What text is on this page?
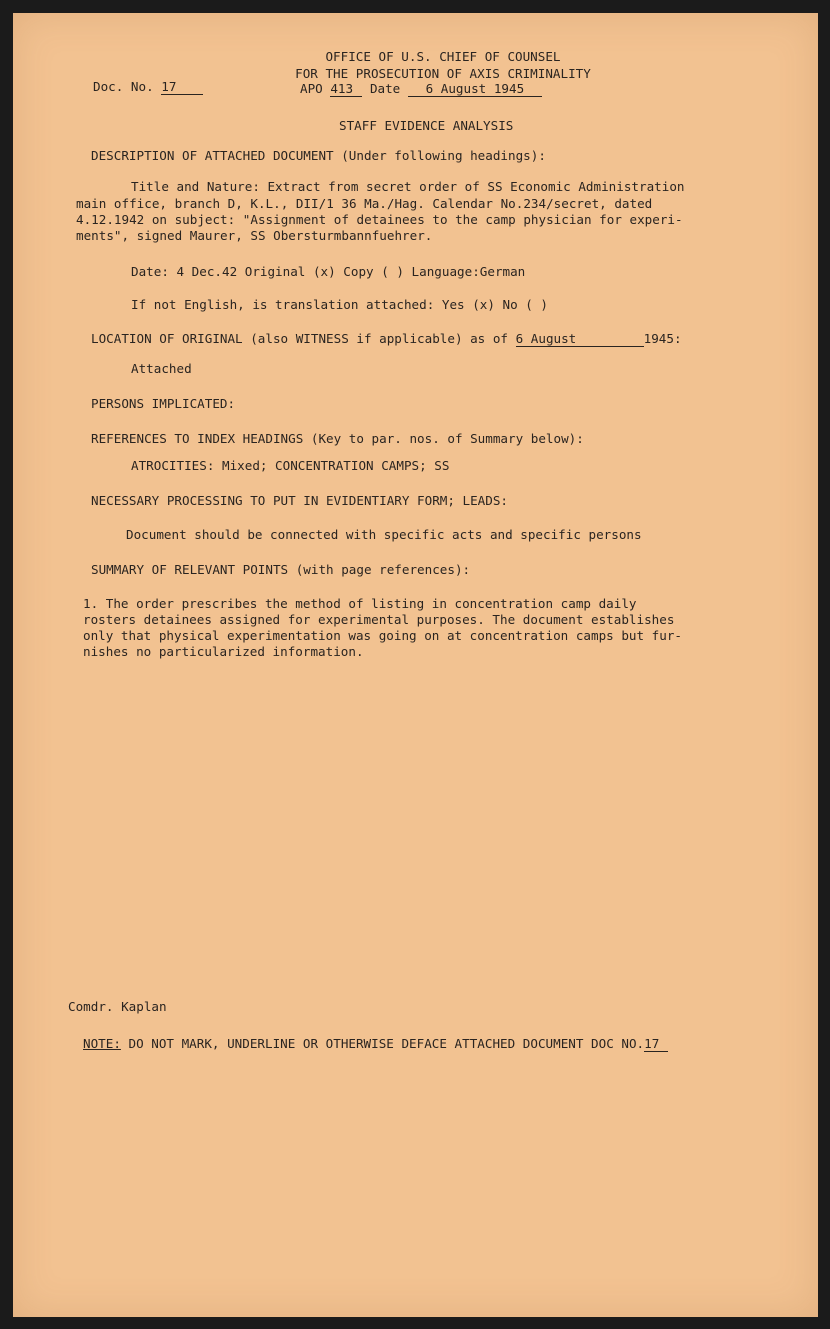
OFFICE OF U.S. CHIEF OF COUNSEL
FOR THE PROSECUTION OF AXIS CRIMINALITY
Doc. No. 17	APO 413 Date 6 August 1945
STAFF EVIDENCE ANALYSIS
DESCRIPTION OF ATTACHED DOCUMENT (Under following headings):
Title and Nature: Extract from secret order of SS Economic Administration
main office, branch D, K.L., DII/1 36 Ma./Hag. Calendar No.234/secret, dated
4.12.1942 on subject: "Assignment of detainees to the camp physician for experi-
ments", signed Maurer, SS Obersturmbannfuehrer.
Date: 4 Dec.42 Original (x) Copy ( ) Language:German
If not English, is translation attached: Yes (x) No ( )
LOCATION OF ORIGINAL (also WITNESS if applicable) as of 6 August	1945:
Attached
PERSONS IMPLICATED:
REFERENCES TO INDEX HEADINGS (Key to par. nos. of Summary below):
ATROCITIES: Mixed; CONCENTRATION CAMPS; SS
NECESSARY PROCESSING TO PUT IN EVIDENTIARY FORM; LEADS:
Document should be connected with specific acts and specific persons
SUMMARY OF RELEVANT POINTS (with page references):
1. The order prescribes the method of listing in concentration camp daily
rosters detainees assigned for experimental purposes. The document establishes
only that physical experimentation was going on at concentration camps but fur-
nishes no particularized information.
Comdr. Kaplan
NOTE: DO NOT MARK, UNDERLINE OR OTHERWISE DEFACE ATTACHED DOCUMENT DOC NO.17
